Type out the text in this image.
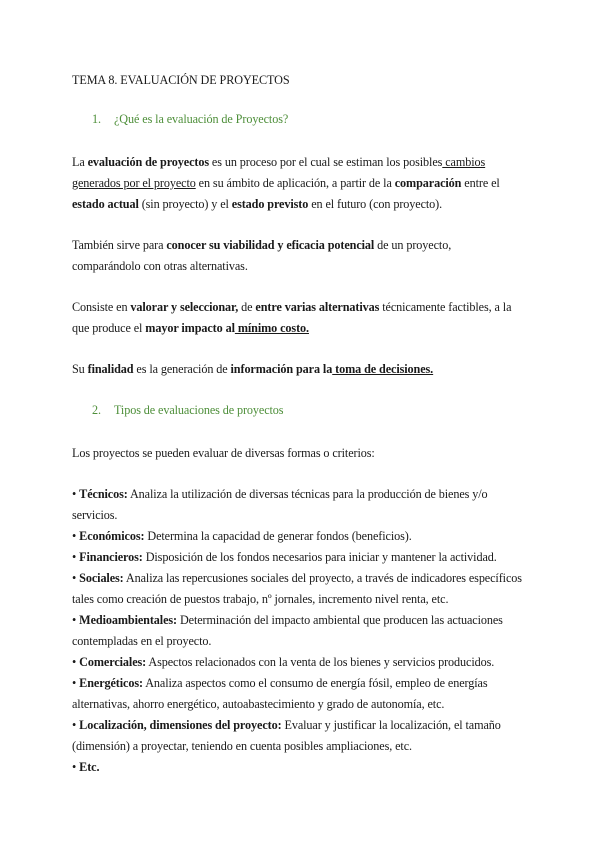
TEMA 8. EVALUACIÓN DE PROYECTOS
1. ¿Qué es la evaluación de Proyectos?

La evaluación de proyectos es un proceso por el cual se estiman los posibles cambios generados por el proyecto en su ámbito de aplicación, a partir de la comparación entre el estado actual (sin proyecto) y el estado previsto en el futuro (con proyecto).

También sirve para conocer su viabilidad y eficacia potencial de un proyecto, comparándolo con otras alternativas.

Consiste en valorar y seleccionar, de entre varias alternativas técnicamente factibles, a la que produce el mayor impacto al mínimo costo.

Su finalidad es la generación de información para la toma de decisiones.

2. Tipos de evaluaciones de proyectos

Los proyectos se pueden evaluar de diversas formas o criterios:

• Técnicos: Analiza la utilización de diversas técnicas para la producción de bienes y/o servicios.
• Económicos: Determina la capacidad de generar fondos (beneficios).
• Financieros: Disposición de los fondos necesarios para iniciar y mantener la actividad.
• Sociales: Analiza las repercusiones sociales del proyecto, a través de indicadores específicos tales como creación de puestos trabajo, nº jornales, incremento nivel renta, etc.
• Medioambientales: Determinación del impacto ambiental que producen las actuaciones contempladas en el proyecto.
• Comerciales: Aspectos relacionados con la venta de los bienes y servicios producidos.
• Energéticos: Analiza aspectos como el consumo de energía fósil, empleo de energías alternativas, ahorro energético, autoabastecimiento y grado de autonomía, etc.
• Localización, dimensiones del proyecto: Evaluar y justificar la localización, el tamaño (dimensión) a proyectar, teniendo en cuenta posibles ampliaciones, etc.
• Etc.
